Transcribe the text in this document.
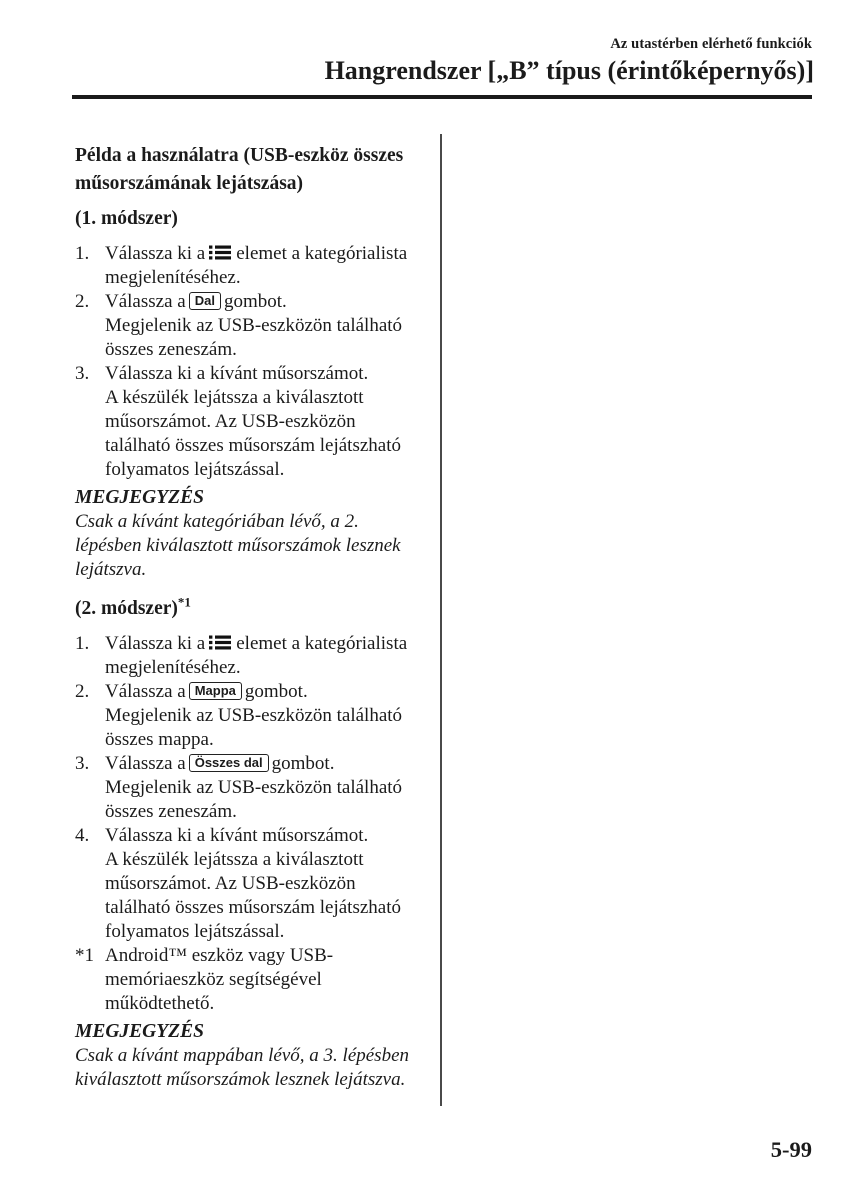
Az utastérben elérhető funkciók
Hangrendszer [„B” típus (érintőképernyős)]
Példa a használatra (USB-eszköz összes műsorszámának lejátszása)
(1. módszer)
1. Válassza ki a elemet a kategórialista megjelenítéséhez.
2. Válassza a Dal gombot.
Megjelenik az USB-eszközön található összes zeneszám.
3. Válassza ki a kívánt műsorszámot.
A készülék lejátssza a kiválasztott műsorszámot. Az USB-eszközön található összes műsorszám lejátszható folyamatos lejátszással.
MEGJEGYZÉS
Csak a kívánt kategóriában lévő, a 2. lépésben kiválasztott műsorszámok lesznek lejátszva.
(2. módszer)$^{*1}$
1. Válassza ki a elemet a kategórialista megjelenítéséhez.
2. Válassza a Mappa gombot.
Megjelenik az USB-eszközön található összes mappa.
3. Válassza a Összes dal gombot.
Megjelenik az USB-eszközön található összes zeneszám.
4. Válassza ki a kívánt műsorszámot.
A készülék lejátssza a kiválasztott műsorszámot. Az USB-eszközön található összes műsorszám lejátszható folyamatos lejátszással.
*1 Android™ eszköz vagy USB-memóriaeszköz segítségével működtethető.
MEGJEGYZÉS
Csak a kívánt mappában lévő, a 3. lépésben kiválasztott műsorszámok lesznek lejátszva.
5-99
